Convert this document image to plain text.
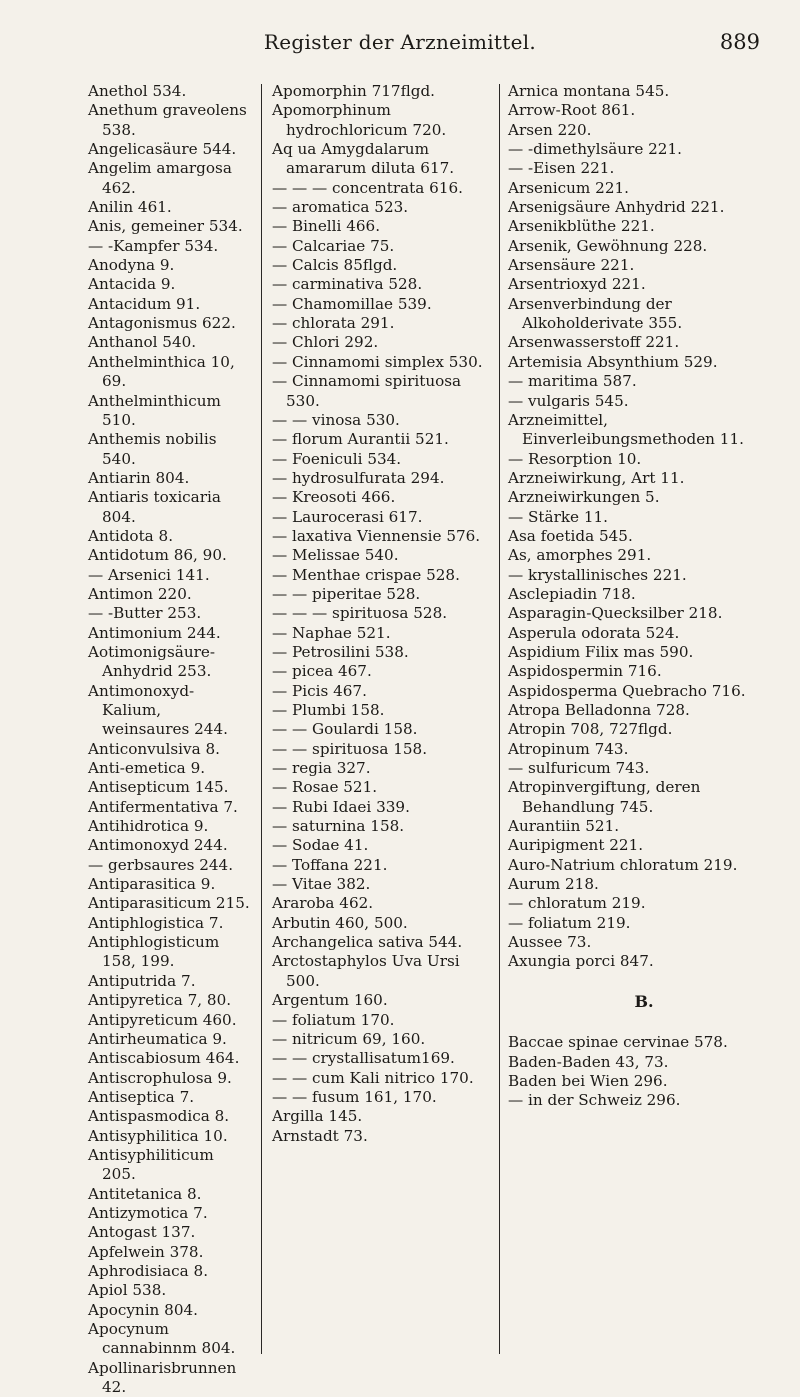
Register der Arzneimittel.	889
Anethol 534.
Anethum graveolens 538.
Angelicasäure 544.
Angelim amargosa 462.
Anilin 461.
Anis, gemeiner 534.
— -Kampfer 534.
Anodyna 9.
Antacida 9.
Antacidum 91.
Antagonismus 622.
Anthanol 540.
Anthelminthica 10, 69.
Anthelminthicum 510.
Anthemis nobilis 540.
Antiarin 804.
Antiaris toxicaria 804.
Antidota 8.
Antidotum 86, 90.
— Arsenici 141.
Antimon 220.
— -Butter 253.
Antimonium 244.
Aotimonigsäure-Anhydrid 253.
Antimonoxyd-Kalium, weinsaures 244.
Anticonvulsiva 8.
Anti-emetica 9.
Antisepticum 145.
Antifermentativa 7.
Antihidrotica 9.
Antimonoxyd 244.
— gerbsaures 244.
Antiparasitica 9.
Antiparasiticum 215.
Antiphlogistica 7.
Antiphlogisticum 158, 199.
Antiputrida 7.
Antipyretica 7, 80.
Antipyreticum 460.
Antirheumatica 9.
Antiscabiosum 464.
Antiscrophulosa 9.
Antiseptica 7.
Antispasmodica 8.
Antisyphilitica 10.
Antisyphiliticum 205.
Antitetanica 8.
Antizymotica 7.
Antogast 137.
Apfelwein 378.
Aphrodisiaca 8.
Apiol 538.
Apocynin 804.
Apocynum cannabinnm 804.
Apollinarisbrunnen 42.
Apomorphin 717flgd.
Apomorphinum hydrochloricum 720.
Aq ua Amygdalarum amararum diluta 617.
— — — concentrata 616.
— aromatica 523.
— Binelli 466.
— Calcariae 75.
— Calcis 85flgd.
— carminativa 528.
— Chamomillae 539.
— chlorata 291.
— Chlori 292.
— Cinnamomi simplex 530.
— Cinnamomi spirituosa 530.
— — vinosa 530.
— florum Aurantii 521.
— Foeniculi 534.
— hydrosulfurata 294.
— Kreosoti 466.
— Laurocerasi 617.
— laxativa Viennensie 576.
— Melissae 540.
— Menthae crispae 528.
— — piperitae 528.
— — — spirituosa 528.
— Naphae 521.
— Petrosilini 538.
— picea 467.
— Picis 467.
— Plumbi 158.
— — Goulardi 158.
— — spirituosa 158.
— regia 327.
— Rosae 521.
— Rubi Idaei 339.
— saturnina 158.
— Sodae 41.
— Toffana 221.
— Vitae 382.
Araroba 462.
Arbutin 460, 500.
Archangelica sativa 544.
Arctostaphylos Uva Ursi 500.
Argentum 160.
— foliatum 170.
— nitricum 69, 160.
— — crystallisatum169.
— — cum Kali nitrico 170.
— — fusum 161, 170.
Argilla 145.
Arnstadt 73.
Arnica montana 545.
Arrow-Root 861.
Arsen 220.
— -dimethylsäure 221.
— -Eisen 221.
Arsenicum 221.
Arsenigsäure Anhydrid 221.
Arsenikblüthe 221.
Arsenik, Gewöhnung 228.
Arsensäure 221.
Arsentrioxyd 221.
Arsenverbindung der Alkoholderivate 355.
Arsenwasserstoff 221.
Artemisia Absynthium 529.
— maritima 587.
— vulgaris 545.
Arzneimittel, Einverleibungsmethoden 11.
— Resorption 10.
Arzneiwirkung, Art 11.
Arzneiwirkungen 5.
— Stärke 11.
Asa foetida 545.
As, amorphes 291.
— krystallinisches 221.
Asclepiadin 718.
Asparagin-Quecksilber 218.
Asperula odorata 524.
Aspidium Filix mas 590.
Aspidospermin 716.
Aspidosperma Quebracho 716.
Atropa Belladonna 728.
Atropin 708, 727flgd.
Atropinum 743.
— sulfuricum 743.
Atropinvergiftung, deren Behandlung 745.
Aurantiin 521.
Auripigment 221.
Auro-Natrium chloratum 219.
Aurum 218.
— chloratum 219.
— foliatum 219.
Aussee 73.
Axungia porci 847.
B.
Baccae spinae cervinae 578.
Baden-Baden 43, 73.
Baden bei Wien 296.
— in der Schweiz 296.
